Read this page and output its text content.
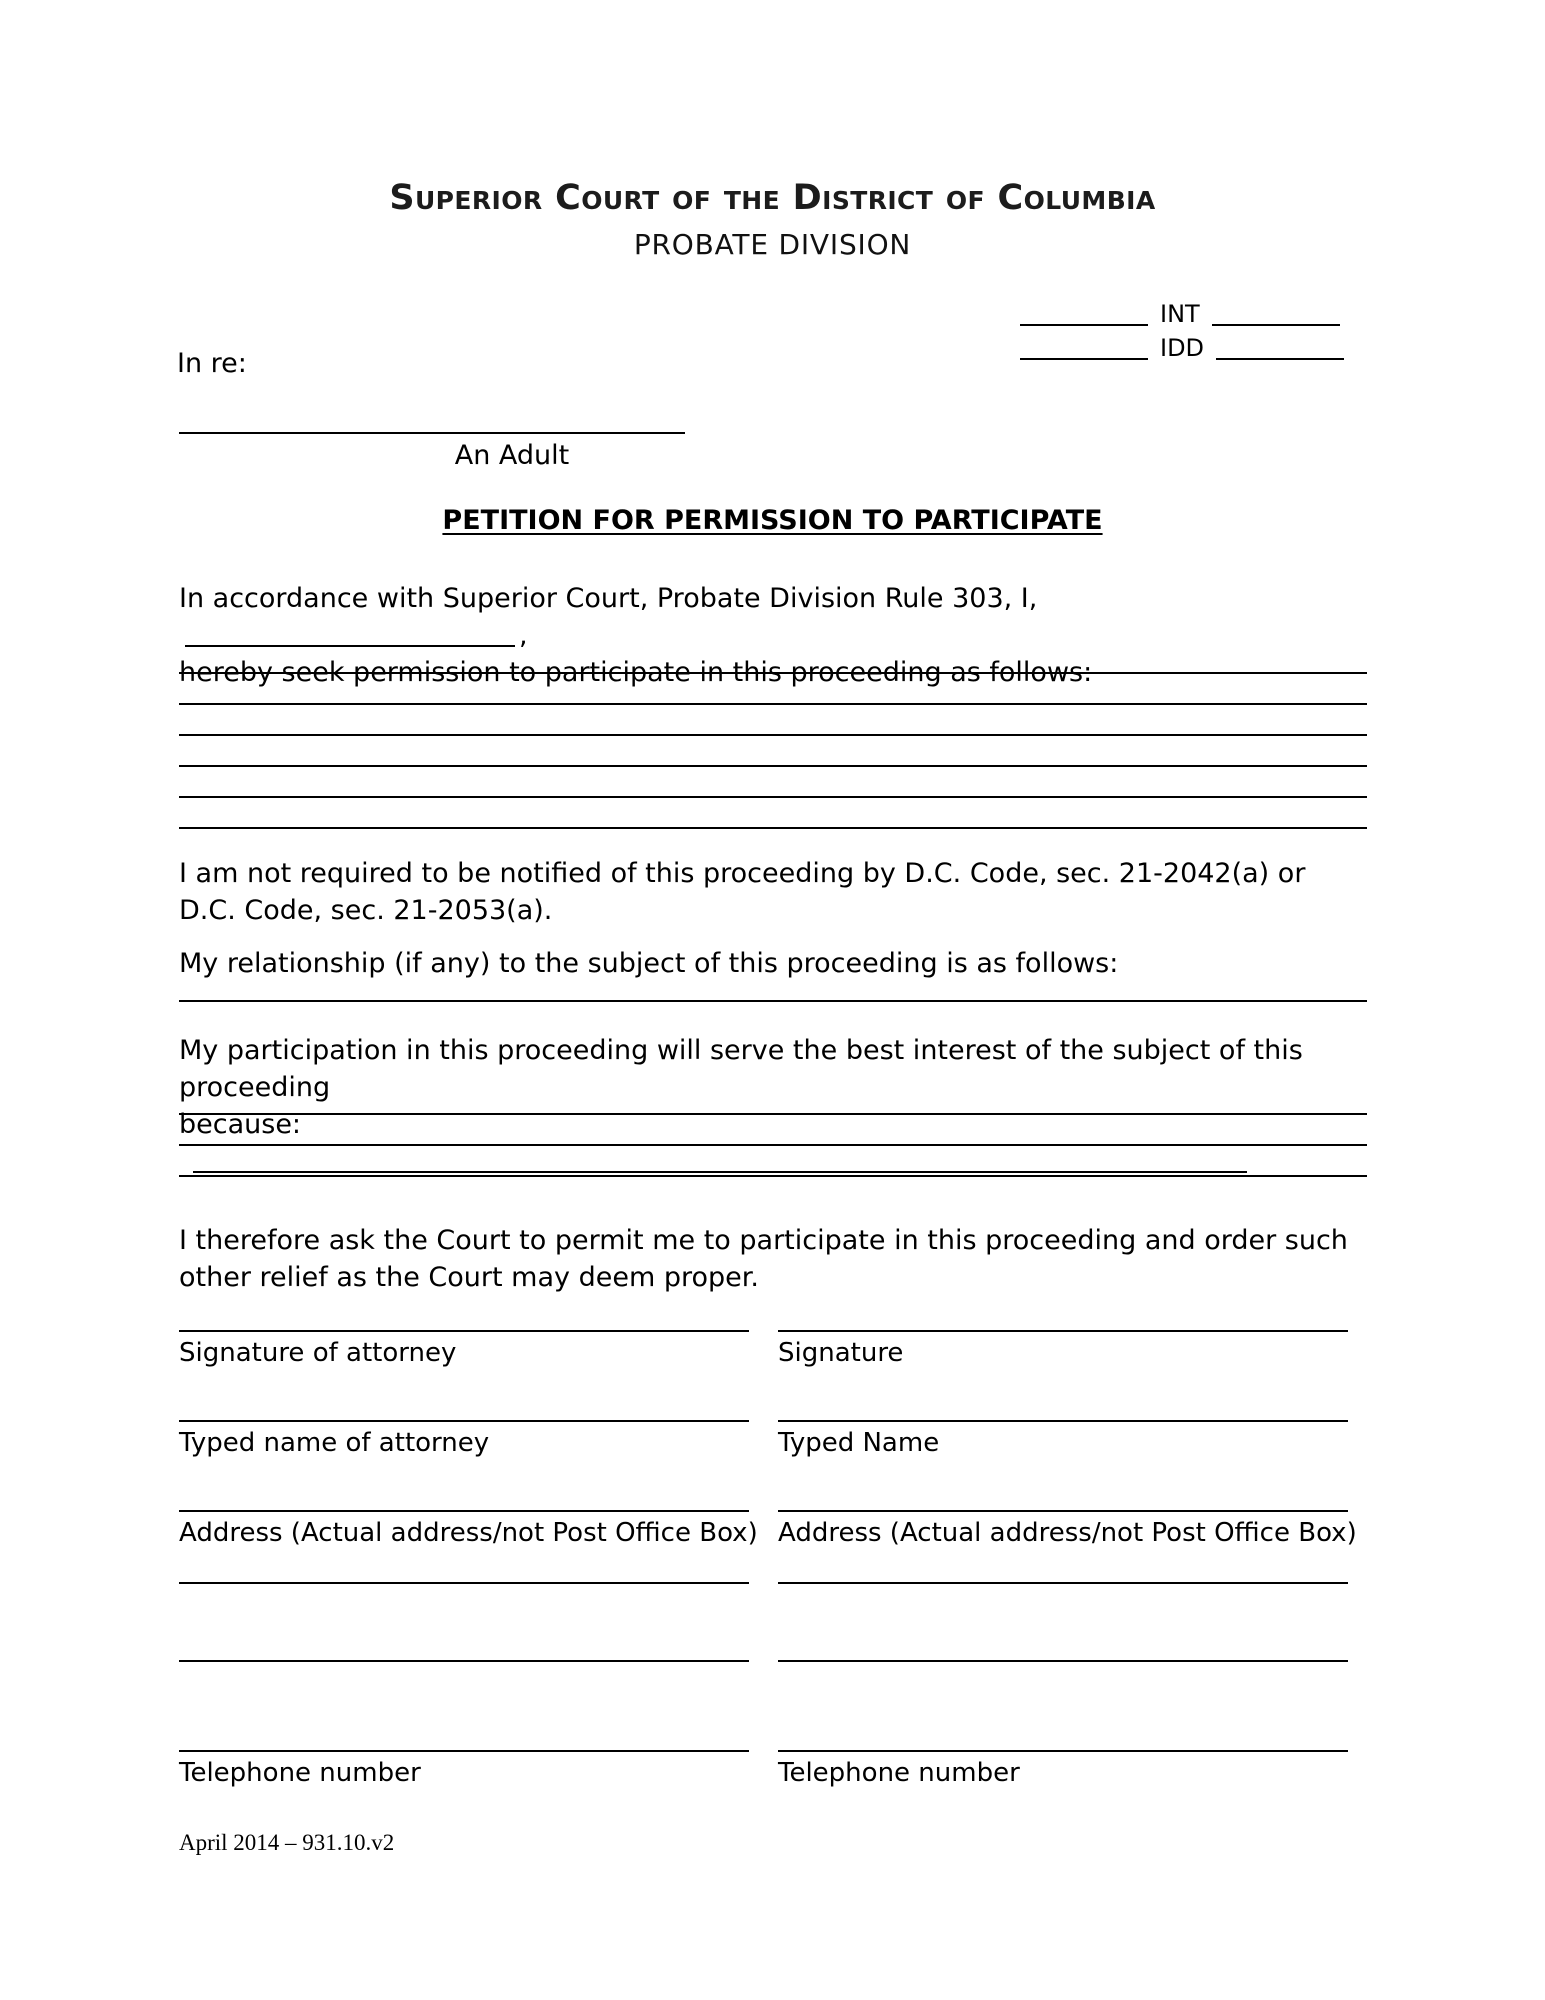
Superior Court of the District of Columbia
PROBATE DIVISION
INT
IDD
In re:
An Adult
PETITION FOR PERMISSION TO PARTICIPATE
In accordance with Superior Court, Probate Division Rule 303, I,,
hereby seek permission to participate in this proceeding as follows:
I am not required to be notified of this proceeding by D.C. Code, sec. 21-2042(a) or D.C. Code, sec. 21-2053(a).
My relationship (if any) to the subject of this proceeding is as follows:
My participation in this proceeding will serve the best interest of the subject of this proceeding
because:
I therefore ask the Court to permit me to participate in this proceeding and order such other relief as the Court may deem proper.
Signature of attorney	Signature
Typed name of attorney	Typed Name
Address (Actual address/not Post Office Box) Address (Actual address/not Post Office Box)
Telephone number	Telephone number
April 2014 – 931.10.v2
